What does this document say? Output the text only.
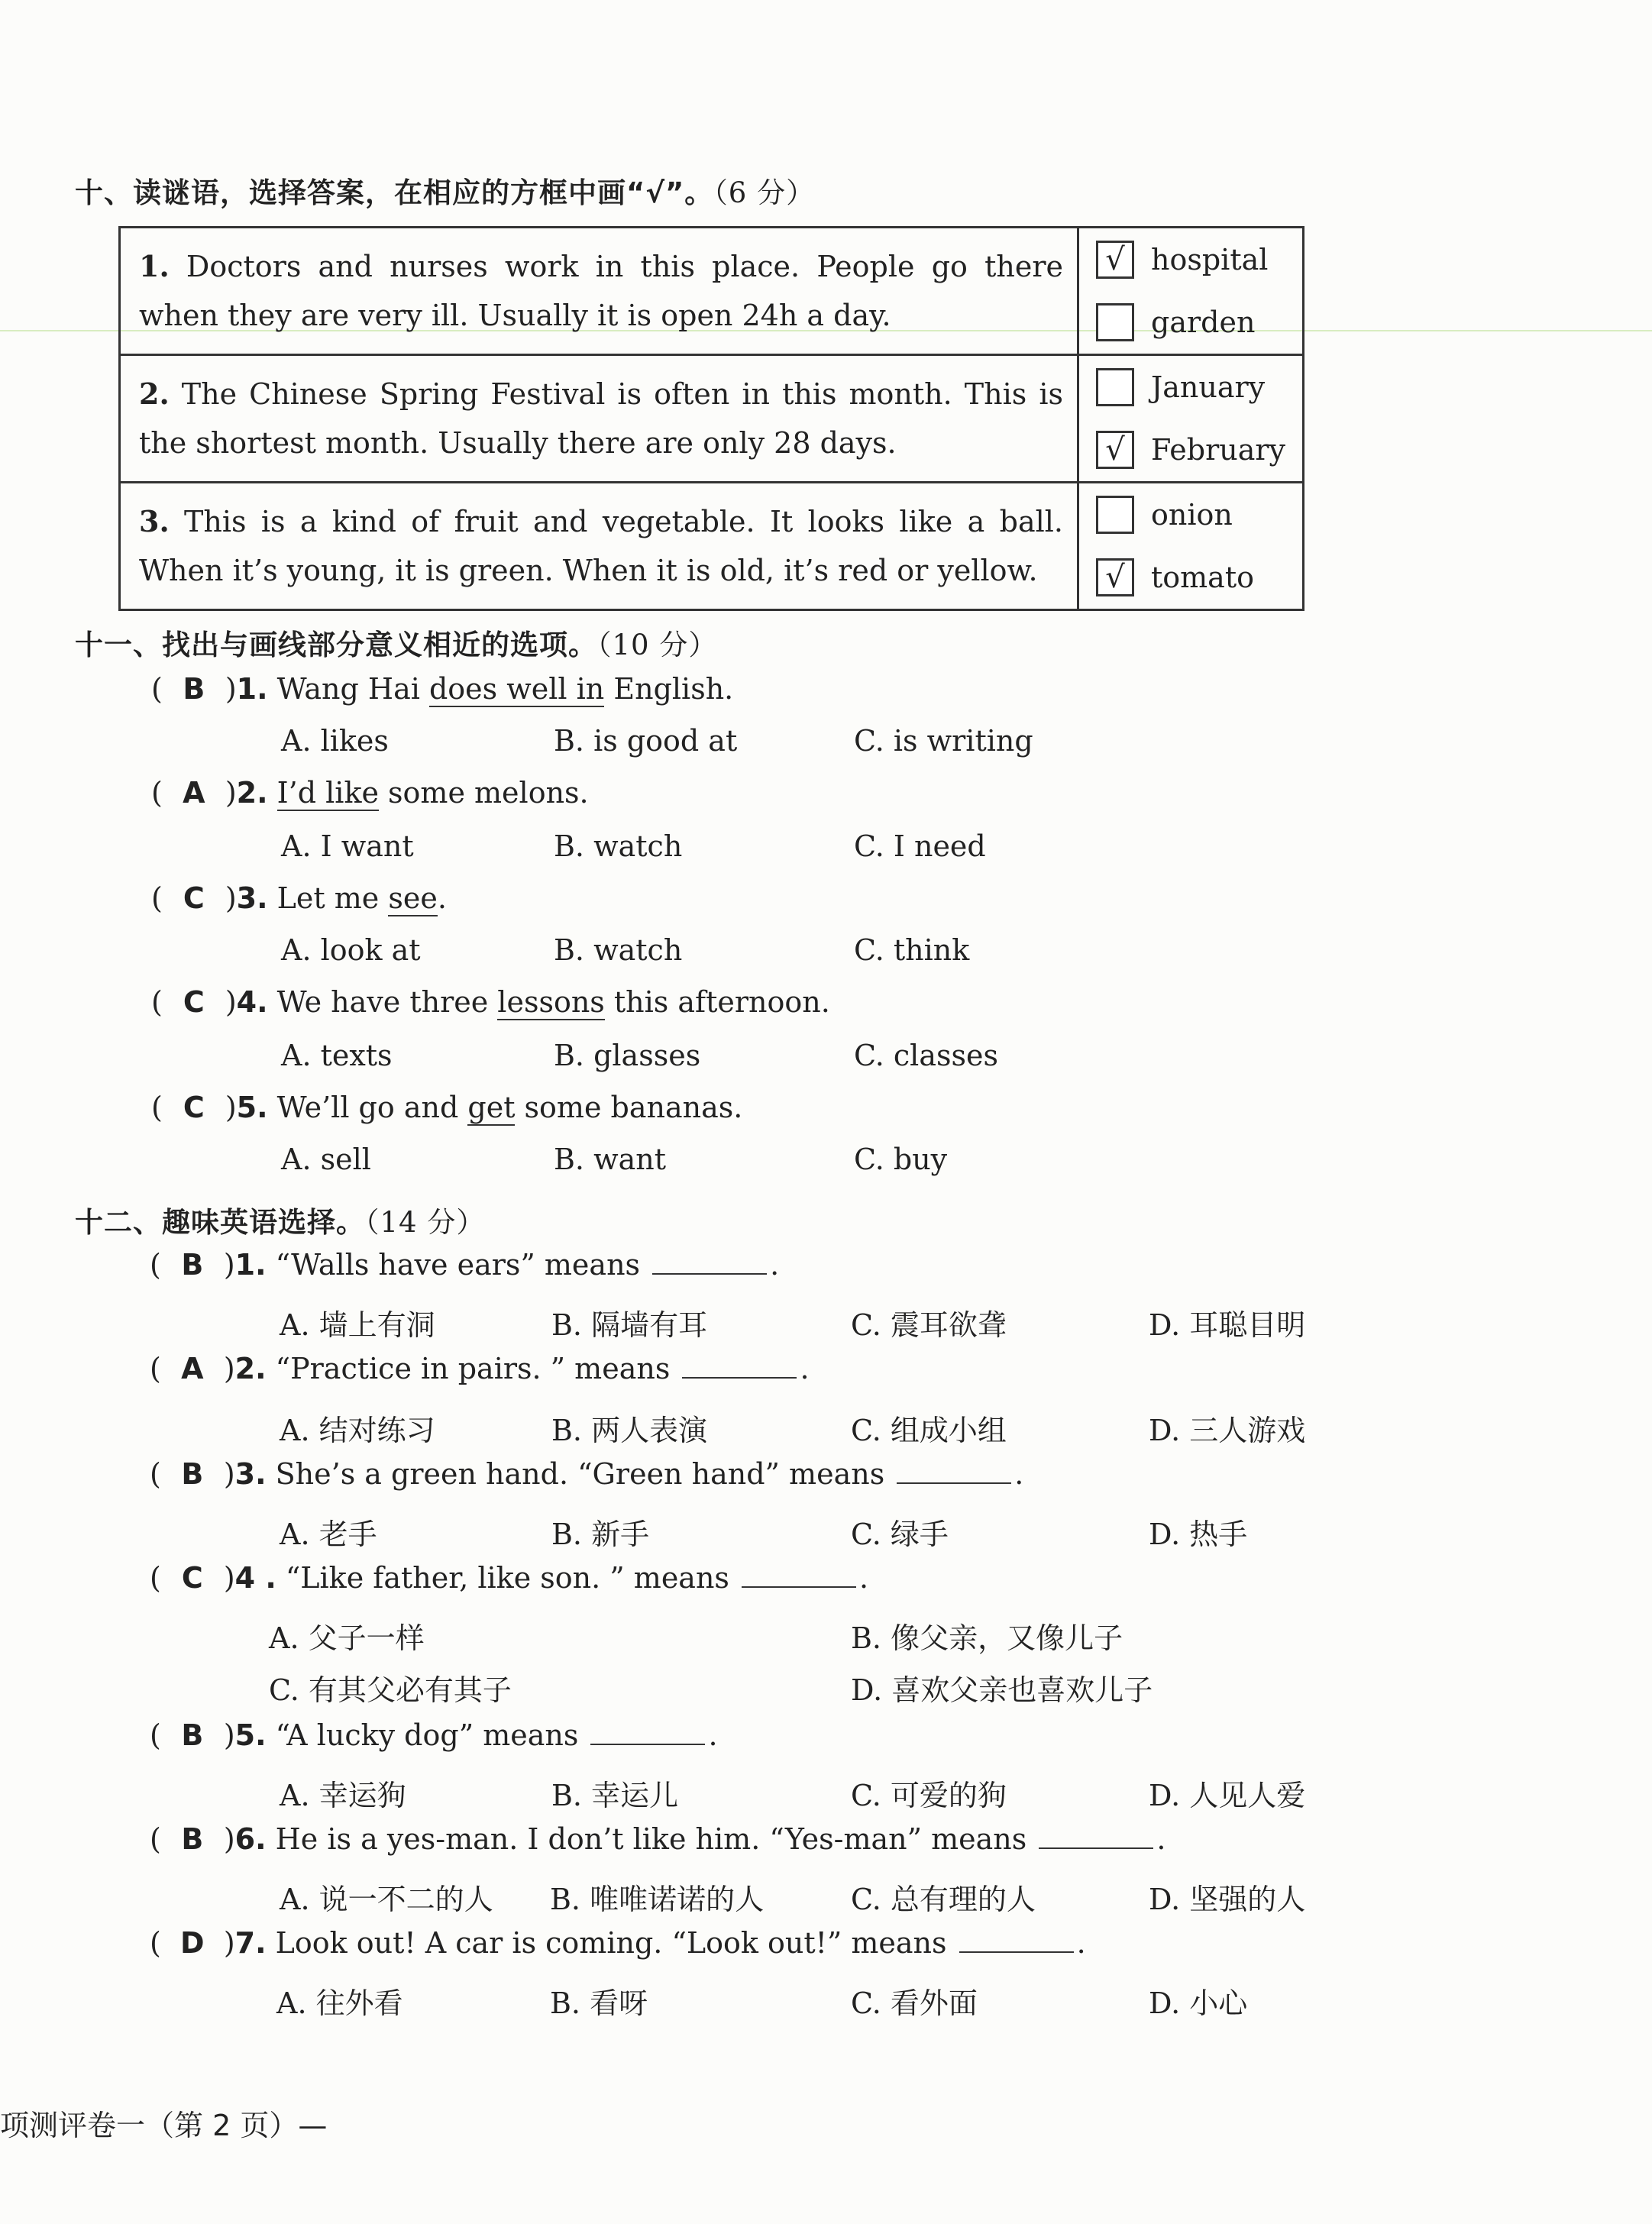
十、读谜语，选择答案，在相应的方框中画“√”。（6 分）
1. Doctors and nurses work in this place. People go there when they are very ill. Usually it is open 24h a day.	√ hospital
garden

2. The Chinese Spring Festival is often in this month. This is the shortest month. Usually there are only 28 days.	January
√ February

3. This is a kind of fruit and vegetable. It looks like a ball. When it’s young, it is green. When it is old, it’s red or yellow.	onion
√ tomato
十一、找出与画线部分意义相近的选项。（10 分）
( B )1. Wang Hai does well in English.
A. likes	B. is good at	C. is writing
( A )2. I’d like some melons.
A. I want	B. watch	C. I need
( C )3. Let me see.
A. look at	B. watch	C. think
( C )4. We have three lessons this afternoon.
A. texts	B. glasses	C. classes
( C )5. We’ll go and get some bananas.
A. sell	B. want	C. buy
十二、趣味英语选择。（14 分）
( B )1. “Walls have ears” means	.
A. 墙上有洞	B. 隔墙有耳	C. 震耳欲聋	D. 耳聪目明
( A )2. “Practice in pairs. ” means	.
A. 结对练习	B. 两人表演	C. 组成小组	D. 三人游戏
( B )3. She’s a green hand. “Green hand” means	.
A. 老手	B. 新手	C. 绿手	D. 热手
( C )4 . “Like father, like son. ” means	.
A. 父子一样	B. 像父亲，又像儿子
C. 有其父必有其子	D. 喜欢父亲也喜欢儿子
( B )5. “A lucky dog” means	.
A. 幸运狗	B. 幸运儿	C. 可爱的狗	D. 人见人爱
( B )6. He is a yes-man. I don’t like him. “Yes-man” means	.
A. 说一不二的人 B. 唯唯诺诺的人	C. 总有理的人	D. 坚强的人
( D )7. Look out! A car is coming. “Look out!” means	.
A. 往外看	B. 看呀	C. 看外面	D. 小心
项测评卷一（第 2 页）—
